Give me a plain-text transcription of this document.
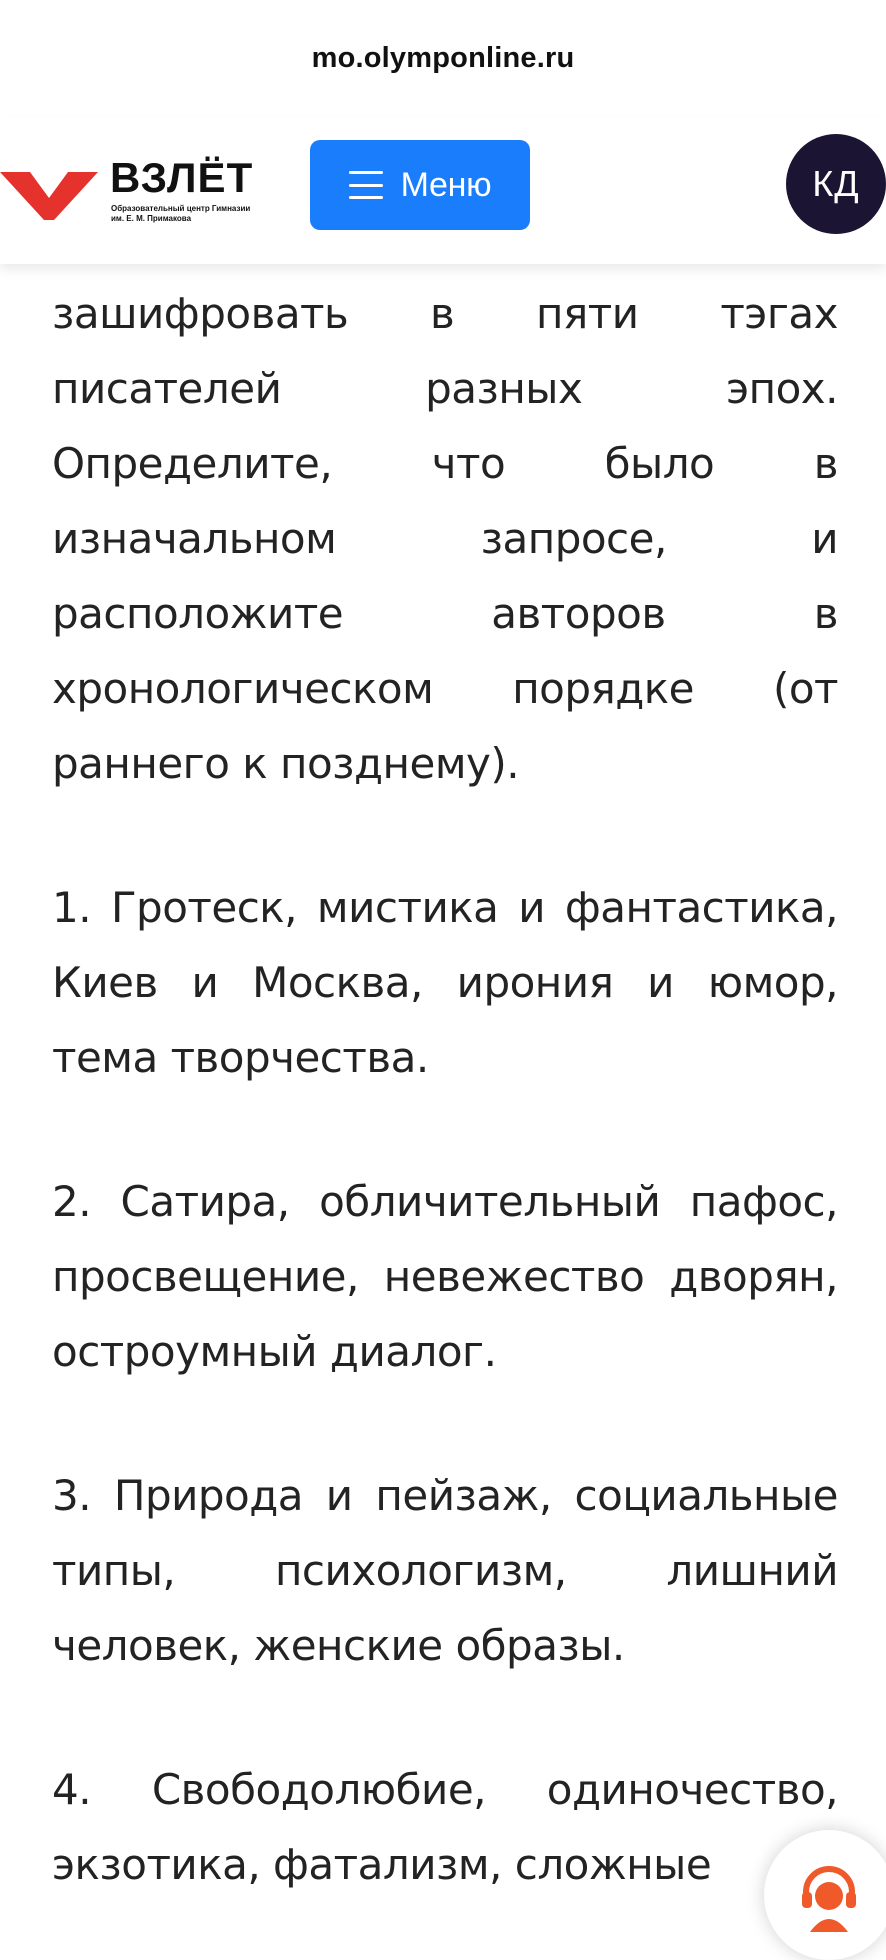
mo.olymponline.ru
ВЗЛЁТ
Образовательный центр Гимназии им. Е. М. Примакова
Меню	КД

зашифровать в пяти тэгах писателей разных эпох. Определите, что было в изначальном запросе, и расположите авторов в хронологическом порядке (от раннего к позднему).

1. Гротеск, мистика и фантастика, Киев и Москва, ирония и юмор, тема творчества.

2. Сатира, обличительный пафос, просвещение, невежество дворян, остроумный диалог.

3. Природа и пейзаж, социальные типы, психологизм, лишний человек, женские образы.

4. Свободолюбие, одиночество, экзотика, фатализм, сложные
